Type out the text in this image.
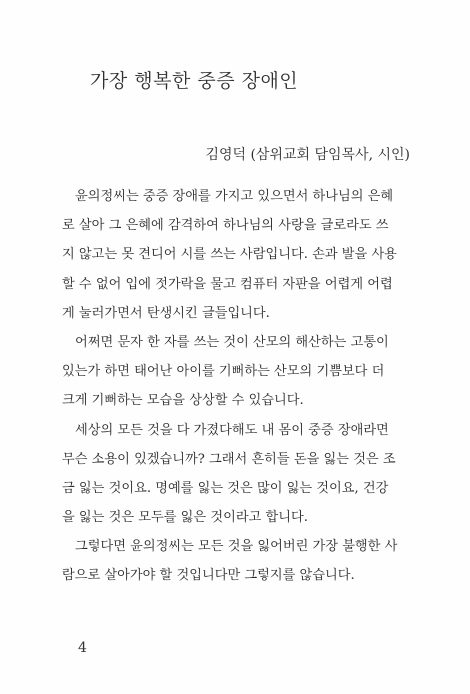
가장 행복한 중증 장애인
김영덕 (삼위교회 담임목사, 시인)
윤의정씨는 중증 장애를 가지고 있으면서 하나님의 은혜
로 살아 그 은혜에 감격하여 하나님의 사랑을 글로라도 쓰
지 않고는 못 견디어 시를 쓰는 사람입니다. 손과 발을 사용
할 수 없어 입에 젓가락을 물고 컴퓨터 자판을 어렵게 어렵
게 눌러가면서 탄생시킨 글들입니다.
어쩌면 문자 한 자를 쓰는 것이 산모의 해산하는 고통이
있는가 하면 태어난 아이를 기뻐하는 산모의 기쁨보다 더
크게 기뻐하는 모습을 상상할 수 있습니다.
세상의 모든 것을 다 가졌다해도 내 몸이 중증 장애라면
무슨 소용이 있겠습니까? 그래서 흔히들 돈을 잃는 것은 조
금 잃는 것이요. 명예를 잃는 것은 많이 잃는 것이요, 건강
을 잃는 것은 모두를 잃은 것이라고 합니다.
그렇다면 윤의정씨는 모든 것을 잃어버린 가장 불행한 사
람으로 살아가야 할 것입니다만 그렇지를 않습니다.
4
